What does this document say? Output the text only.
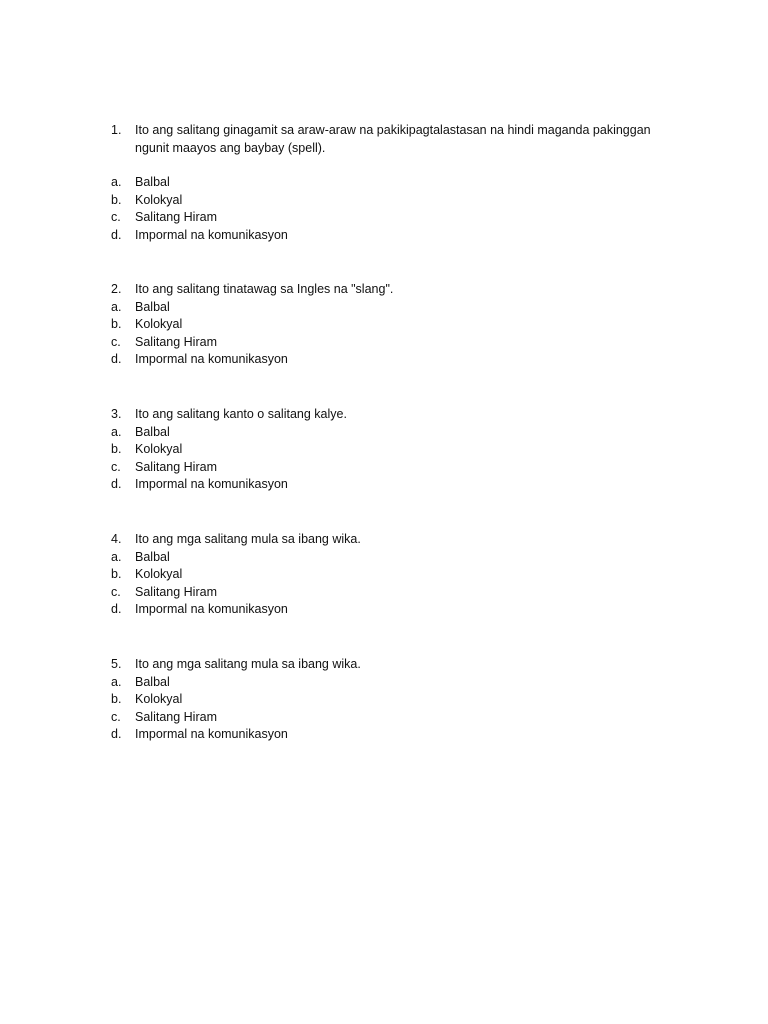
1.	Ito ang salitang ginagamit sa araw-araw na pakikipagtalastasan na hindi maganda pakinggan ngunit maayos ang baybay (spell).
a.	Balbal
b.	Kolokyal
c.	Salitang Hiram
d.	Impormal na komunikasyon
2.	Ito ang salitang tinatawag sa Ingles na "slang".
a.	Balbal
b.	Kolokyal
c.	Salitang Hiram
d.	Impormal na komunikasyon
3.	Ito ang salitang kanto o salitang kalye.
a.	Balbal
b.	Kolokyal
c.	Salitang Hiram
d.	Impormal na komunikasyon
4.	Ito ang mga salitang mula sa ibang wika.
a.	Balbal
b.	Kolokyal
c.	Salitang Hiram
d.	Impormal na komunikasyon
5.	Ito ang mga salitang mula sa ibang wika.
a.	Balbal
b.	Kolokyal
c.	Salitang Hiram
d.	Impormal na komunikasyon
